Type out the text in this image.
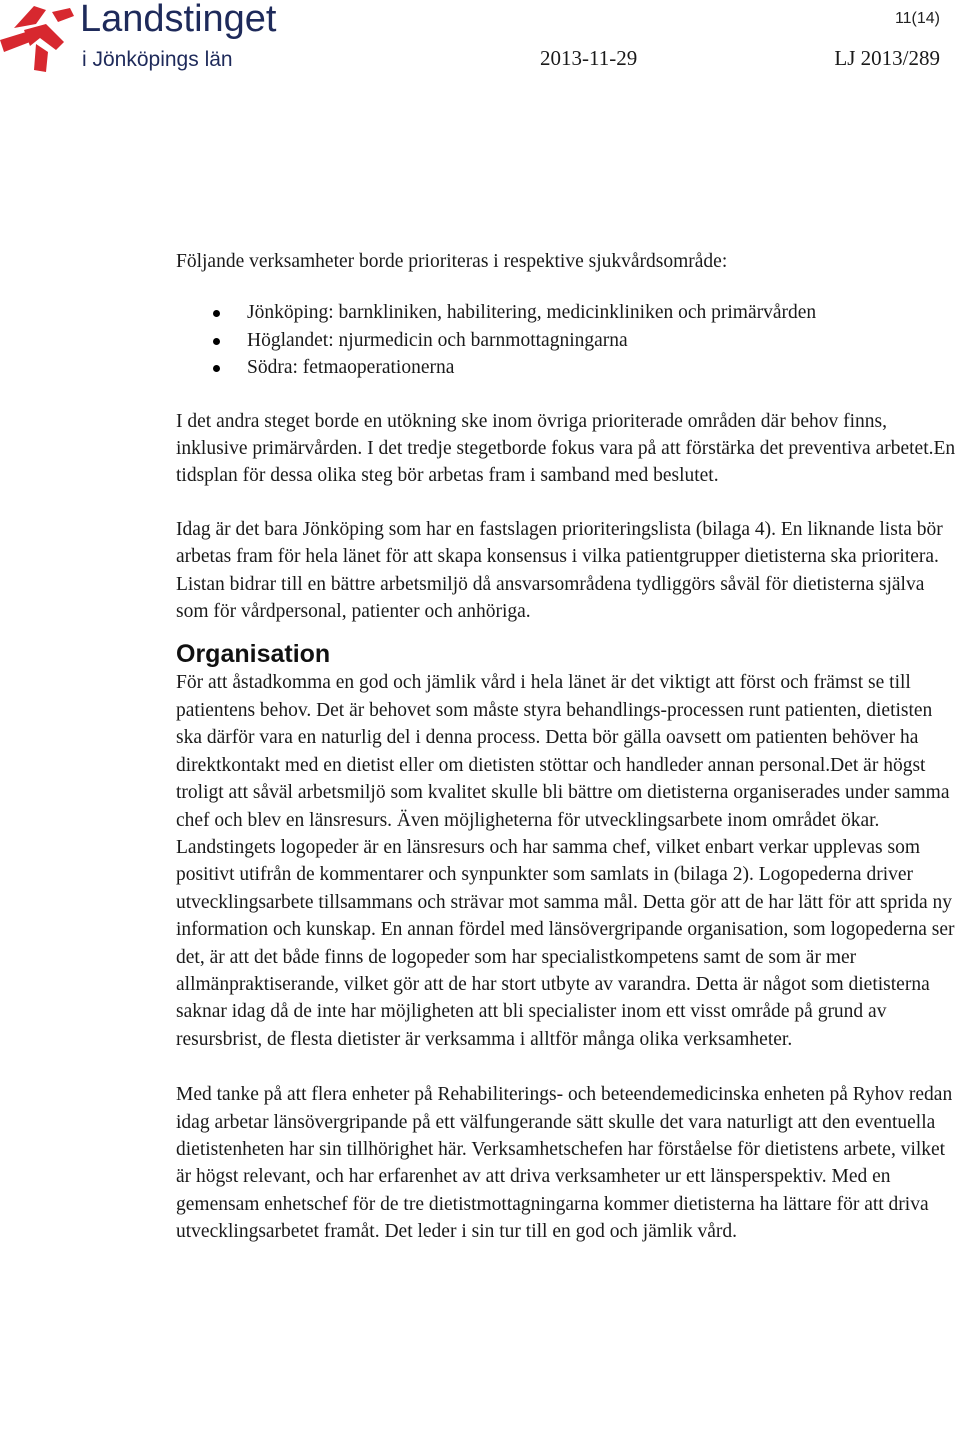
Landstinget
i Jönköpings län
11(14)
2013-11-29	LJ 2013/289

Följande verksamheter borde prioriteras i respektive sjukvårdsområde:

Jönköping: barnkliniken, habilitering, medicinkliniken och primärvården
Höglandet: njurmedicin och barnmottagningarna
Södra: fetmaoperationerna

I det andra steget borde en utökning ske inom övriga prioriterade områden där behov finns, inklusive primärvården. I det tredje stegetborde fokus vara på att förstärka det preventiva arbetet.En tidsplan för dessa olika steg bör arbetas fram i samband med beslutet.

Idag är det bara Jönköping som har en fastslagen prioriteringslista (bilaga 4). En liknande lista bör arbetas fram för hela länet för att skapa konsensus i vilka patientgrupper dietisterna ska prioritera. Listan bidrar till en bättre arbetsmiljö då ansvarsområdena tydliggörs såväl för dietisterna själva som för vårdpersonal, patienter och anhöriga.

Organisation

För att åstadkomma en god och jämlik vård i hela länet är det viktigt att först och främst se till patientens behov. Det är behovet som måste styra behandlings-processen runt patienten, dietisten ska därför vara en naturlig del i denna process. Detta bör gälla oavsett om patienten behöver ha direktkontakt med en dietist eller om dietisten stöttar och handleder annan personal.Det är högst troligt att såväl arbetsmiljö som kvalitet skulle bli bättre om dietisterna organiserades under samma chef och blev en länsresurs. Även möjligheterna för utvecklingsarbete inom området ökar. Landstingets logopeder är en länsresurs och har samma chef, vilket enbart verkar upplevas som positivt utifrån de kommentarer och synpunkter som samlats in (bilaga 2). Logopederna driver utvecklingsarbete tillsammans och strävar mot samma mål. Detta gör att de har lätt för att sprida ny information och kunskap. En annan fördel med länsövergripande organisation, som logopederna ser det, är att det både finns de logopeder som har specialistkompetens samt de som är mer allmänpraktiserande, vilket gör att de har stort utbyte av varandra. Detta är något som dietisterna saknar idag då de inte har möjligheten att bli specialister inom ett visst område på grund av resursbrist, de flesta dietister är verksamma i alltför många olika verksamheter.

Med tanke på att flera enheter på Rehabiliterings- och beteendemedicinska enheten på Ryhov redan idag arbetar länsövergripande på ett välfungerande sätt skulle det vara naturligt att den eventuella dietistenheten har sin tillhörighet här. Verksamhetschefen har förståelse för dietistens arbete, vilket är högst relevant, och har erfarenhet av att driva verksamheter ur ett länsperspektiv. Med en gemensam enhetschef för de tre dietistmottagningarna kommer dietisterna ha lättare för att driva utvecklingsarbetet framåt. Det leder i sin tur till en god och jämlik vård.
